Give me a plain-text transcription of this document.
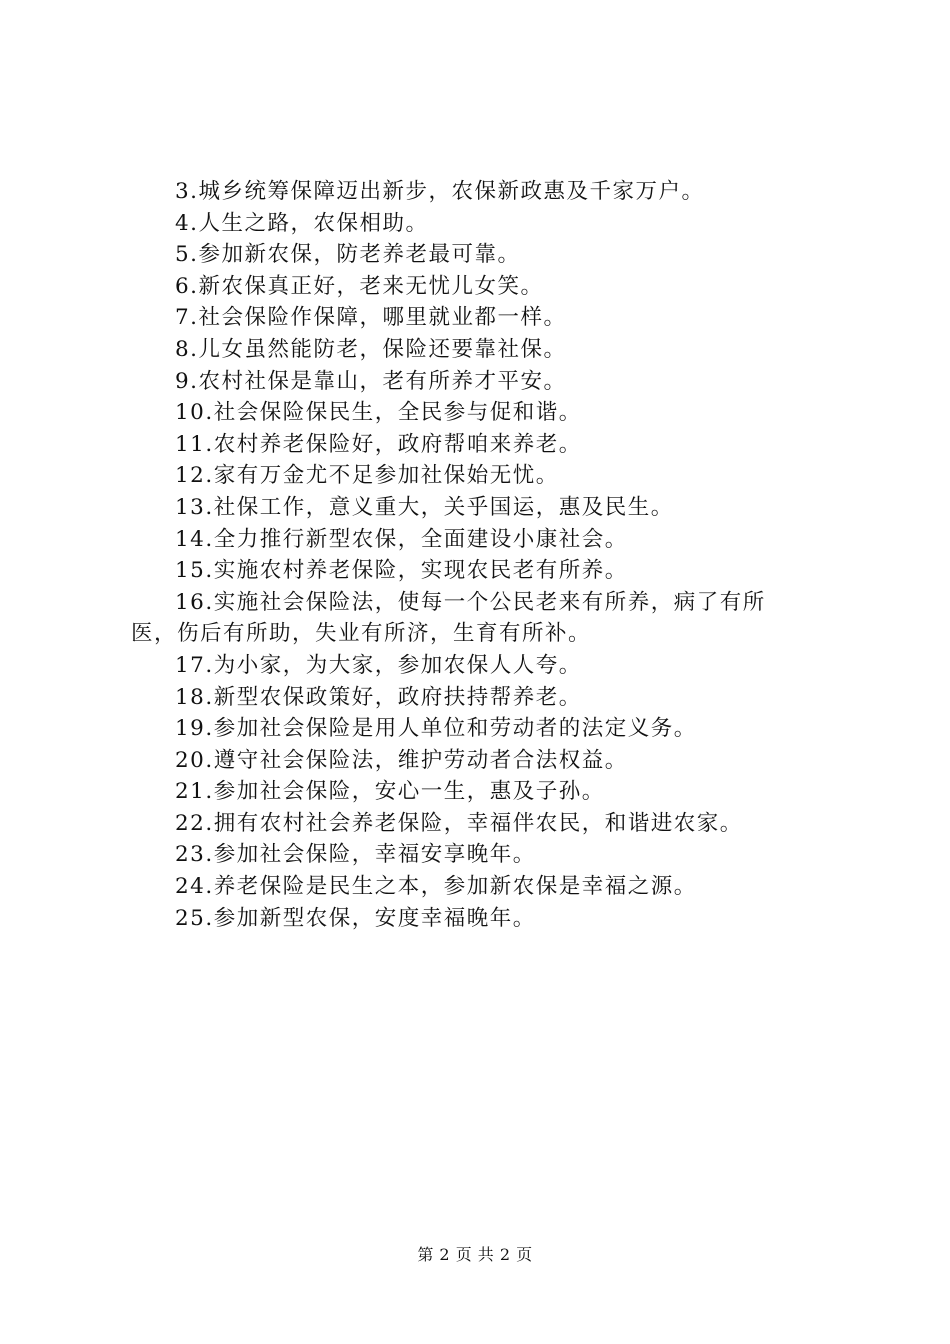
3.城乡统筹保障迈出新步，农保新政惠及千家万户。
4.人生之路，农保相助。
5.参加新农保，防老养老最可靠。
6.新农保真正好，老来无忧儿女笑。
7.社会保险作保障，哪里就业都一样。
8.儿女虽然能防老，保险还要靠社保。
9.农村社保是靠山，老有所养才平安。
10.社会保险保民生，全民参与促和谐。
11.农村养老保险好，政府帮咱来养老。
12.家有万金尤不足参加社保始无忧。
13.社保工作，意义重大，关乎国运，惠及民生。
14.全力推行新型农保，全面建设小康社会。
15.实施农村养老保险，实现农民老有所养。
16.实施社会保险法，使每一个公民老来有所养，病了有所
医，伤后有所助，失业有所济，生育有所补。
17.为小家，为大家，参加农保人人夸。
18.新型农保政策好，政府扶持帮养老。
19.参加社会保险是用人单位和劳动者的法定义务。
20.遵守社会保险法，维护劳动者合法权益。
21.参加社会保险，安心一生，惠及子孙。
22.拥有农村社会养老保险，幸福伴农民，和谐进农家。
23.参加社会保险，幸福安享晚年。
24.养老保险是民生之本，参加新农保是幸福之源。
25.参加新型农保，安度幸福晚年。
第 2 页 共 2 页
